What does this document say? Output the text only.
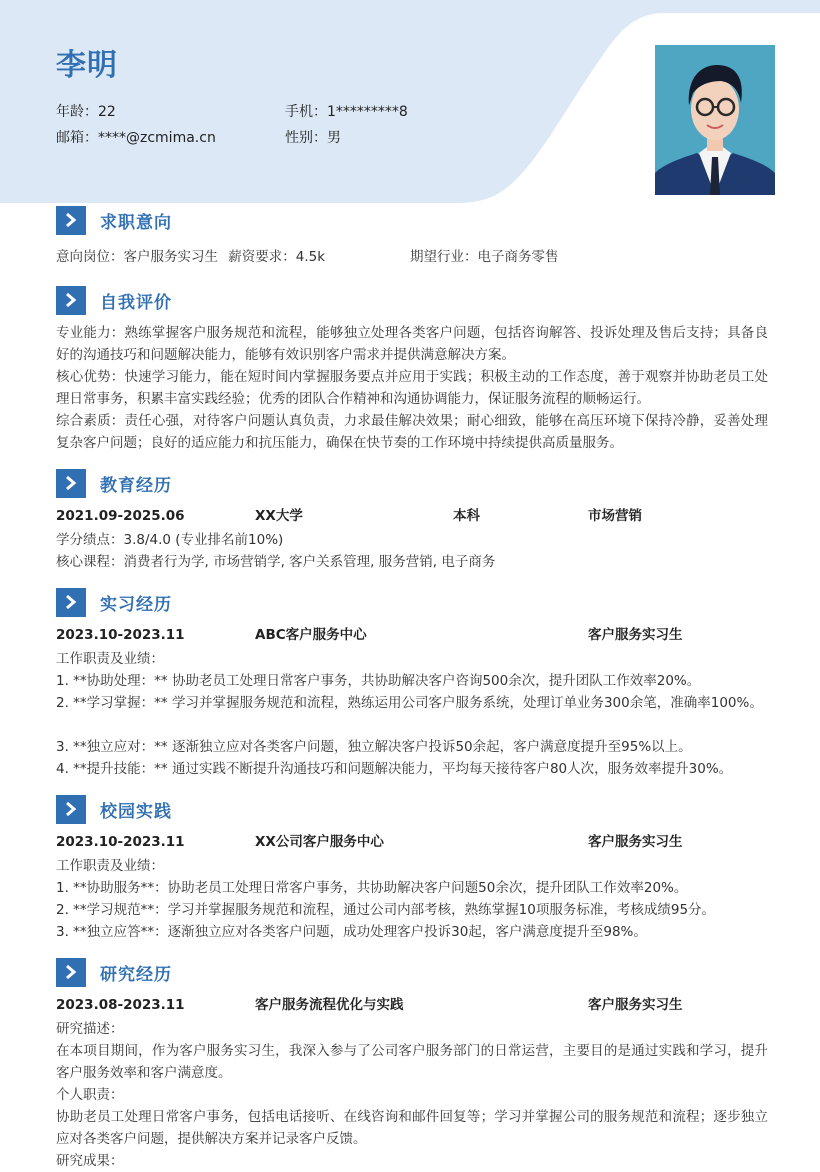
李明
年龄：22	手机：1*********8
邮箱：****@zcmima.cn	性别：男
求职意向
意向岗位：客户服务实习生 薪资要求：4.5k	期望行业：电子商务零售
自我评价
专业能力：熟练掌握客户服务规范和流程，能够独立处理各类客户问题，包括咨询解答、投诉处理及售后支持；具备良好的沟通技巧和问题解决能力，能够有效识别客户需求并提供满意解决方案。
核心优势：快速学习能力，能在短时间内掌握服务要点并应用于实践；积极主动的工作态度，善于观察并协助老员工处理日常事务，积累丰富实践经验；优秀的团队合作精神和沟通协调能力，保证服务流程的顺畅运行。
综合素质：责任心强，对待客户问题认真负责，力求最佳解决效果；耐心细致，能够在高压环境下保持冷静，妥善处理复杂客户问题；良好的适应能力和抗压能力，确保在快节奏的工作环境中持续提供高质量服务。
教育经历
2021.09-2025.06	XX大学	本科	市场营销
学分绩点：3.8/4.0 (专业排名前10%)
核心课程：消费者行为学, 市场营销学, 客户关系管理, 服务营销, 电子商务
实习经历
2023.10-2023.11	ABC客户服务中心	客户服务实习生
工作职责及业绩：
1. **协助处理：** 协助老员工处理日常客户事务，共协助解决客户咨询500余次，提升团队工作效率20%。
2. **学习掌握：** 学习并掌握服务规范和流程，熟练运用公司客户服务系统，处理订单业务300余笔，准确率100%。
3. **独立应对：** 逐渐独立应对各类客户问题，独立解决客户投诉50余起，客户满意度提升至95%以上。
4. **提升技能：** 通过实践不断提升沟通技巧和问题解决能力，平均每天接待客户80人次，服务效率提升30%。
校园实践
2023.10-2023.11	XX公司客户服务中心	客户服务实习生
工作职责及业绩：
1. **协助服务**：协助老员工处理日常客户事务，共协助解决客户问题50余次，提升团队工作效率20%。
2. **学习规范**：学习并掌握服务规范和流程，通过公司内部考核，熟练掌握10项服务标准，考核成绩95分。
3. **独立应答**：逐渐独立应对各类客户问题，成功处理客户投诉30起，客户满意度提升至98%。
研究经历
2023.08-2023.11	客户服务流程优化与实践	客户服务实习生
研究描述：
在本项目期间，作为客户服务实习生，我深入参与了公司客户服务部门的日常运营，主要目的是通过实践和学习，提升客户服务效率和客户满意度。
个人职责：
协助老员工处理日常客户事务，包括电话接听、在线咨询和邮件回复等；学习并掌握公司的服务规范和流程；逐步独立应对各类客户问题，提供解决方案并记录客户反馈。
研究成果：
